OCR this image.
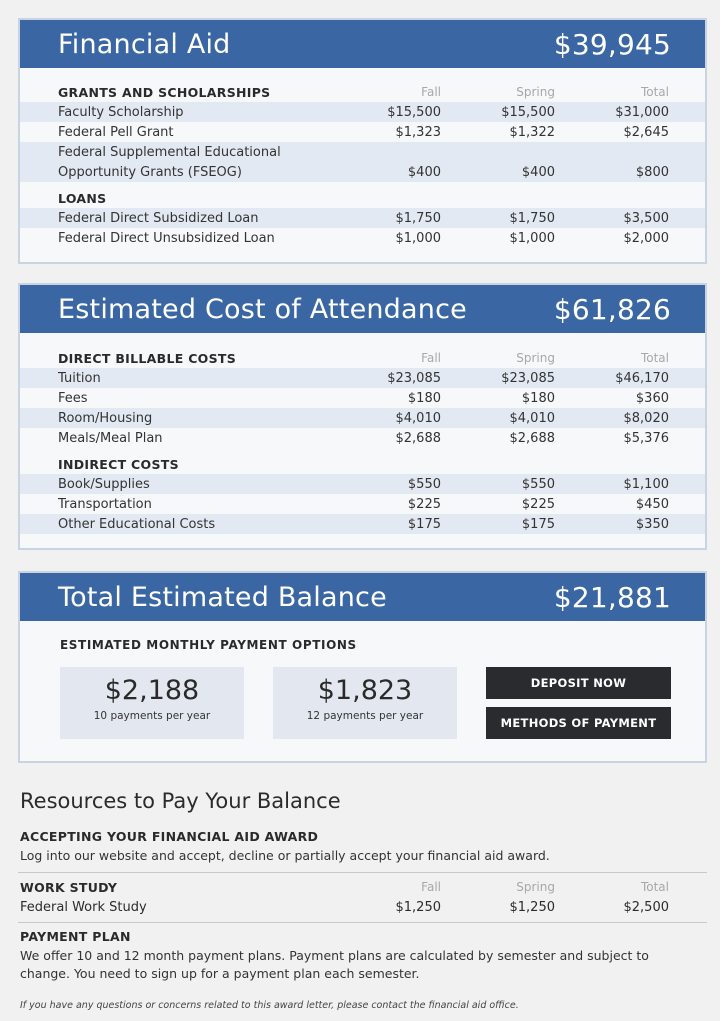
Financial Aid	$39,945
GRANTS AND SCHOLARSHIPS	Fall	Spring	Total
Faculty Scholarship	$15,500	$15,500	$31,000
Federal Pell Grant	$1,323	$1,322	$2,645
Federal Supplemental Educational			
Opportunity Grants (FSEOG)	$400	$400	$800

LOANS			
Federal Direct Subsidized Loan	$1,750	$1,750	$3,500
Federal Direct Unsubsidized Loan	$1,000	$1,000	$2,000
Estimated Cost of Attendance	$61,826
DIRECT BILLABLE COSTS	Fall	Spring	Total
Tuition	$23,085	$23,085	$46,170
Fees	$180	$180	$360
Room/Housing	$4,010	$4,010	$8,020
Meals/Meal Plan	$2,688	$2,688	$5,376

INDIRECT COSTS			
Book/Supplies	$550	$550	$1,100
Transportation	$225	$225	$450
Other Educational Costs	$175	$175	$350
Total Estimated Balance	$21,881
ESTIMATED MONTHLY PAYMENT OPTIONS
$2,188
10 payments per year
$1,823
12 payments per year
DEPOSIT NOW
METHODS OF PAYMENT
Resources to Pay Your Balance
ACCEPTING YOUR FINANCIAL AID AWARD
Log into our website and accept, decline or partially accept your financial aid award.
WORK STUDY	Fall	Spring	Total
Federal Work Study	$1,250	$1,250	$2,500
PAYMENT PLAN
We offer 10 and 12 month payment plans. Payment plans are calculated by semester and subject to
change. You need to sign up for a payment plan each semester.
If you have any questions or concerns related to this award letter, please contact the financial aid office.
